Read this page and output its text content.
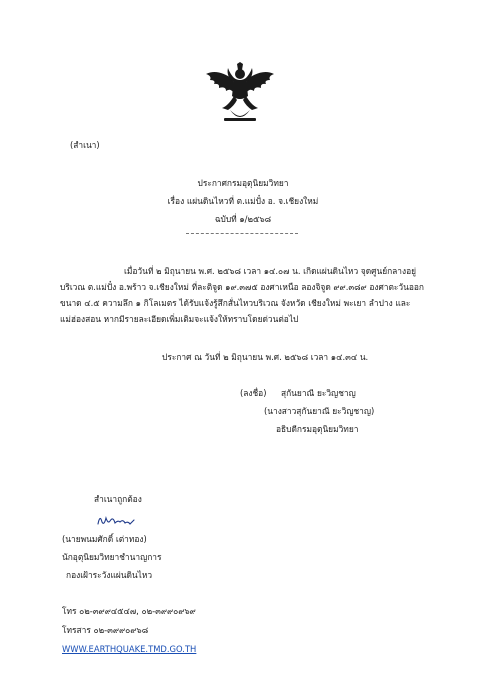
(สำเนา)
ประกาศกรมอุตุนิยมวิทยา
เรื่อง แผ่นดินไหวที่ ต.แม่ปั๋ง อ. จ.เชียงใหม่
ฉบับที่ ๑/๒๕๖๘
เมื่อวันที่ ๒ มิถุนายน พ.ศ. ๒๕๖๘ เวลา ๑๔.๐๗ น. เกิดแผ่นดินไหว จุดศูนย์กลางอยู่
บริเวณ ต.แม่ปั๋ง อ.พร้าว จ.เชียงใหม่ ที่ละติจูด ๑๙.๓๗๕ องศาเหนือ ลองจิจูด ๙๙.๓๘๙ องศาตะวันออก
ขนาด ๔.๕ ความลึก ๑ กิโลเมตร ได้รับแจ้งรู้สึกสั่นไหวบริเวณ จังหวัด เชียงใหม่ พะเยา ลำปาง และ
แม่ฮ่องสอน หากมีรายละเอียดเพิ่มเติมจะแจ้งให้ทราบโดยด่วนต่อไป
ประกาศ ณ วันที่ ๒ มิถุนายน พ.ศ. ๒๕๖๘ เวลา ๑๔.๓๔ น.
(ลงชื่อ) สุกันยาณี ยะวิญชาญ
(นางสาวสุกันยาณี ยะวิญชาญ)
อธิบดีกรมอุตุนิยมวิทยา
สำเนาถูกต้อง
(นายพนมศักดิ์ เต่าทอง)
นักอุตุนิยมวิทยาชำนาญการ
กองเฝ้าระวังแผ่นดินไหว
โทร ๐๒-๓๙๙๔๕๔๗, ๐๒-๓๙๙๐๙๖๙
โทรสาร ๐๒-๓๙๙๐๙๖๘
WWW.EARTHQUAKE.TMD.GO.TH
